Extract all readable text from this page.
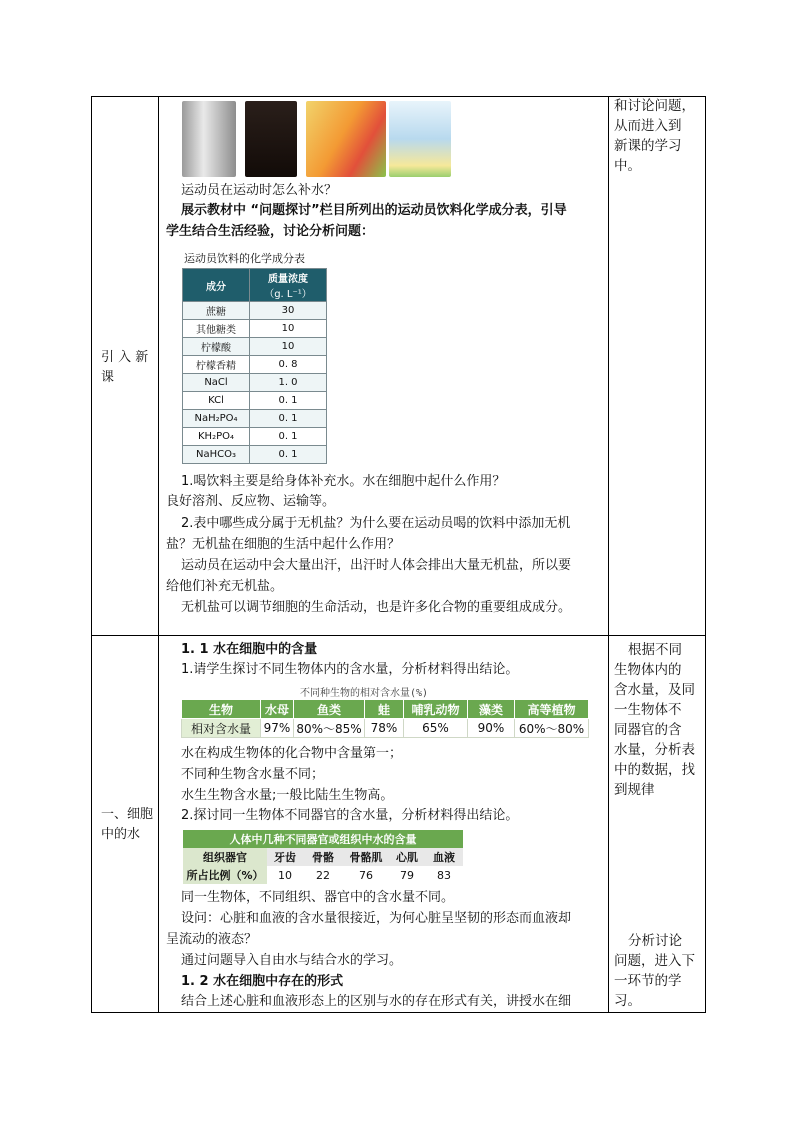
引 入 新
课
运动员在运动时怎么补水？
展示教材中 “问题探讨”栏目所列出的运动员饮料化学成分表，引导
学生结合生活经验，讨论分析问题：
运动员饮料的化学成分表
成分	质量浓度
（g. L⁻¹）
蔗糖	30
其他糖类	10
柠檬酸	10
柠檬香精	0. 8
NaCl	1. 0
KCl	0. 1
NaH₂PO₄	0. 1
KH₂PO₄	0. 1
NaHCO₃	0. 1
1.喝饮料主要是给身体补充水。水在细胞中起什么作用？
良好溶剂、反应物、运输等。
2.表中哪些成分属于无机盐？为什么要在运动员喝的饮料中添加无机
盐？无机盐在细胞的生活中起什么作用？
运动员在运动中会大量出汗，出汗时人体会排出大量无机盐，所以要
给他们补充无机盐。
无机盐可以调节细胞的生命活动，也是许多化合物的重要组成成分。
和讨论问题，
从而进入到
新课的学习
中。
一、细胞
中的水
1. 1 水在细胞中的含量
1.请学生探讨不同生物体内的含水量，分析材料得出结论。
不同种生物的相对含水量(%)
生物	水母	鱼类	蛙	哺乳动物	藻类	高等植物
相对含水量	97%	80%～85%	78%	65%	90%	60%～80%
水在构成生物体的化合物中含量第一；
不同种生物含水量不同；
水生生物含水量;一般比陆生生物高。
2.探讨同一生物体不同器官的含水量，分析材料得出结论。
人体中几种不同器官或组织中水的含量					
组织器官	牙齿	骨骼	骨骼肌	心肌	血液
所占比例（%）	10	22	76	79	83
同一生物体，不同组织、器官中的含水量不同。
设问：心脏和血液的含水量很接近，为何心脏呈坚韧的形态而血液却
呈流动的液态？
通过问题导入自由水与结合水的学习。
1. 2 水在细胞中存在的形式
结合上述心脏和血液形态上的区别与水的存在形式有关，讲授水在细
根据不同
生物体内的
含水量，及同
一生物体不
同器官的含
水量，分析表
中的数据，找
到规律
分析讨论
问题，进入下
一环节的学
习。
